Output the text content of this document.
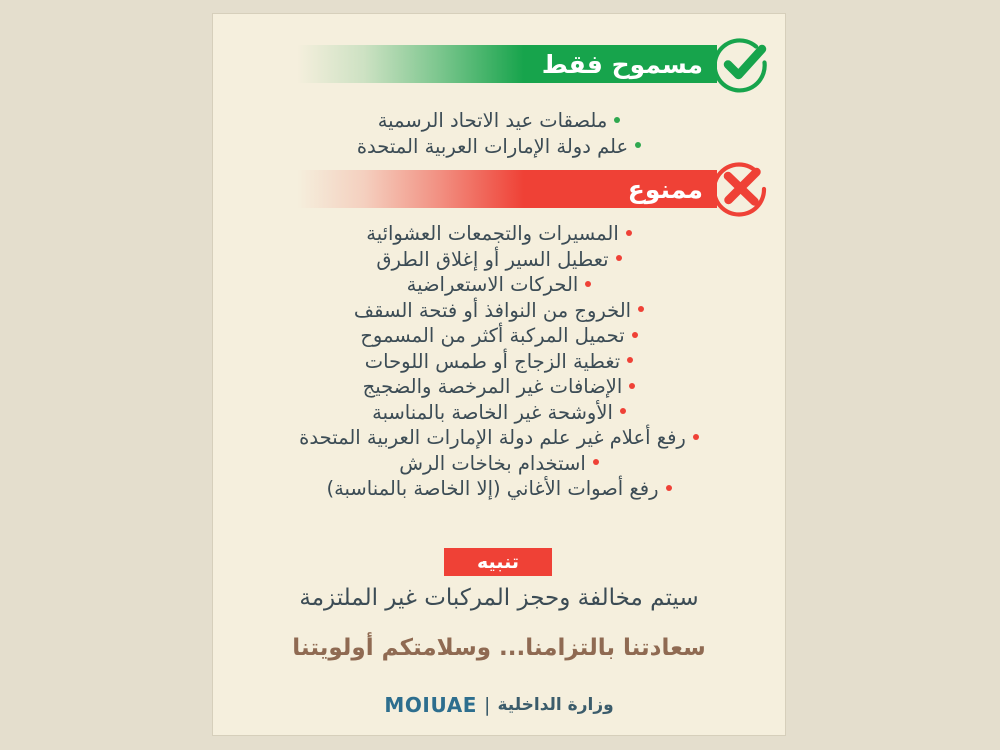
مسموح فقط
ملصقات عيد الاتحاد الرسمية
علم دولة الإمارات العربية المتحدة
ممنوع
المسيرات والتجمعات العشوائية
تعطيل السير أو إغلاق الطرق
الحركات الاستعراضية
الخروج من النوافذ أو فتحة السقف
تحميل المركبة أكثر من المسموح
تغطية الزجاج أو طمس اللوحات
الإضافات غير المرخصة والضجيج
الأوشحة غير الخاصة بالمناسبة
رفع أعلام غير علم دولة الإمارات العربية المتحدة
استخدام بخاخات الرش
رفع أصوات الأغاني (إلا الخاصة بالمناسبة)
تنبيه
سيتم مخالفة وحجز المركبات غير الملتزمة
سعادتنا بالتزامنا... وسلامتكم أولويتنا
وزارة الداخلية
|
MOIUAE
